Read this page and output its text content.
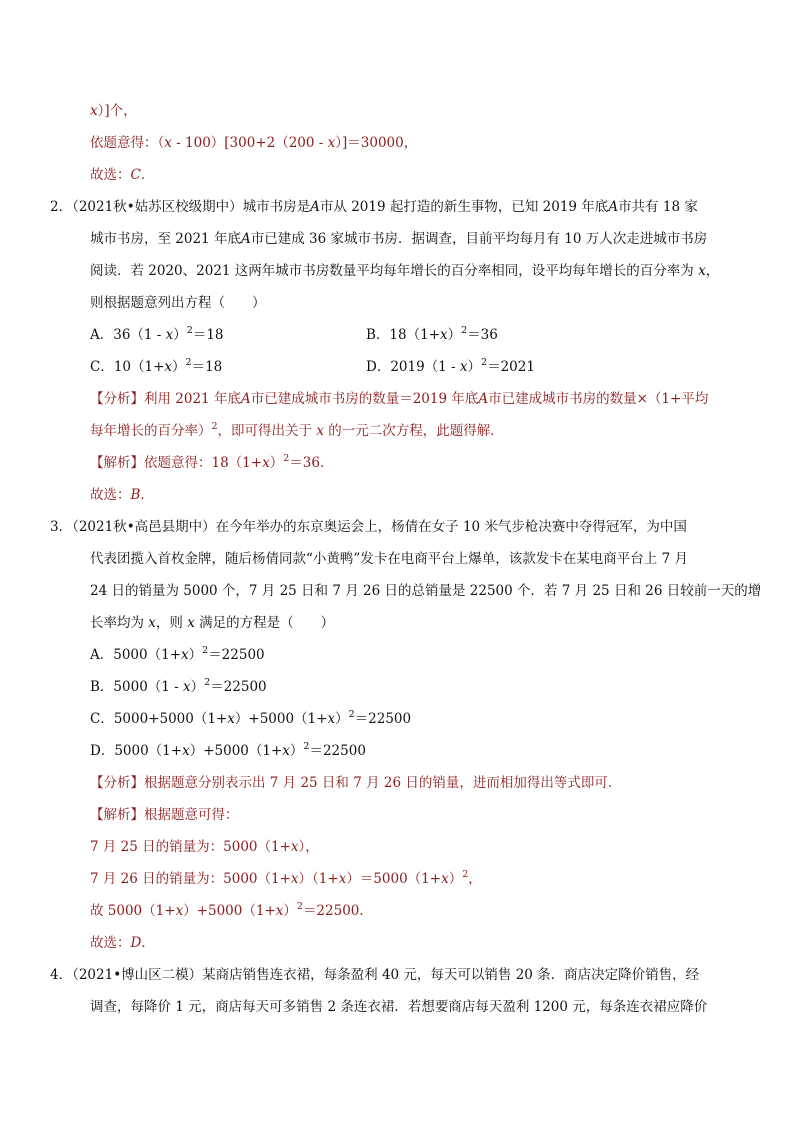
x）]个，
依题意得：（x - 100）[300+2（200 - x）]＝30000，
故选：C．
2．（2021秋•姑苏区校级期中）城市书房是A市从 2019 起打造的新生事物，已知 2019 年底A市共有 18 家
城市书房，至 2021 年底A市已建成 36 家城市书房．据调查，目前平均每月有 10 万人次走进城市书房
阅读．若 2020、2021 这两年城市书房数量平均每年增长的百分率相同，设平均每年增长的百分率为 x，
则根据题意列出方程（　　）
A．36（1 - x）$^2$＝18	B．$18(1+x)^2=36$
C．$10(1+x)^2=18$	D．2019（1 - x）$^2$＝2021
【分析】利用 2021 年底A市已建成城市书房的数量＝2019 年底A市已建成城市书房的数量×（1+平均
每年增长的百分率）$^2$，即可得出关于 x 的一元二次方程，此题得解．
【解析】依题意得：$18(1+x)^2=36$．
故选：B．
3．（2021秋•高邑县期中）在今年举办的东京奥运会上，杨倩在女子 10 米气步枪决赛中夺得冠军，为中国
代表团揽入首枚金牌，随后杨倩同款“小黄鸭”发卡在电商平台上爆单，该款发卡在某电商平台上 7 月
24 日的销量为 5000 个，7 月 25 日和 7 月 26 日的总销量是 22500 个．若 7 月 25 日和 26 日较前一天的增
长率均为 x，则 x 满足的方程是（　　）
A．$5000(1+x)^2=22500$
B．5000（1 - x）$^2$＝22500
C．$5000+5000(1+x)+5000(1+x)^2=22500$
D．$5000(1+x)+5000(1+x)^2=22500$
【分析】根据题意分别表示出 7 月 25 日和 7 月 26 日的销量，进而相加得出等式即可．
【解析】根据题意可得：
7 月 25 日的销量为：5000（1+x），
7 月 26 日的销量为：$5000(1+x)(1+x)=5000(1+x)^2$，
故 $5000(1+x)+5000(1+x)^2=22500$．
故选：D．
4．（2021•博山区二模）某商店销售连衣裙，每条盈利 40 元，每天可以销售 20 条．商店决定降价销售，经
调查，每降价 1 元，商店每天可多销售 2 条连衣裙．若想要商店每天盈利 1200 元，每条连衣裙应降价
